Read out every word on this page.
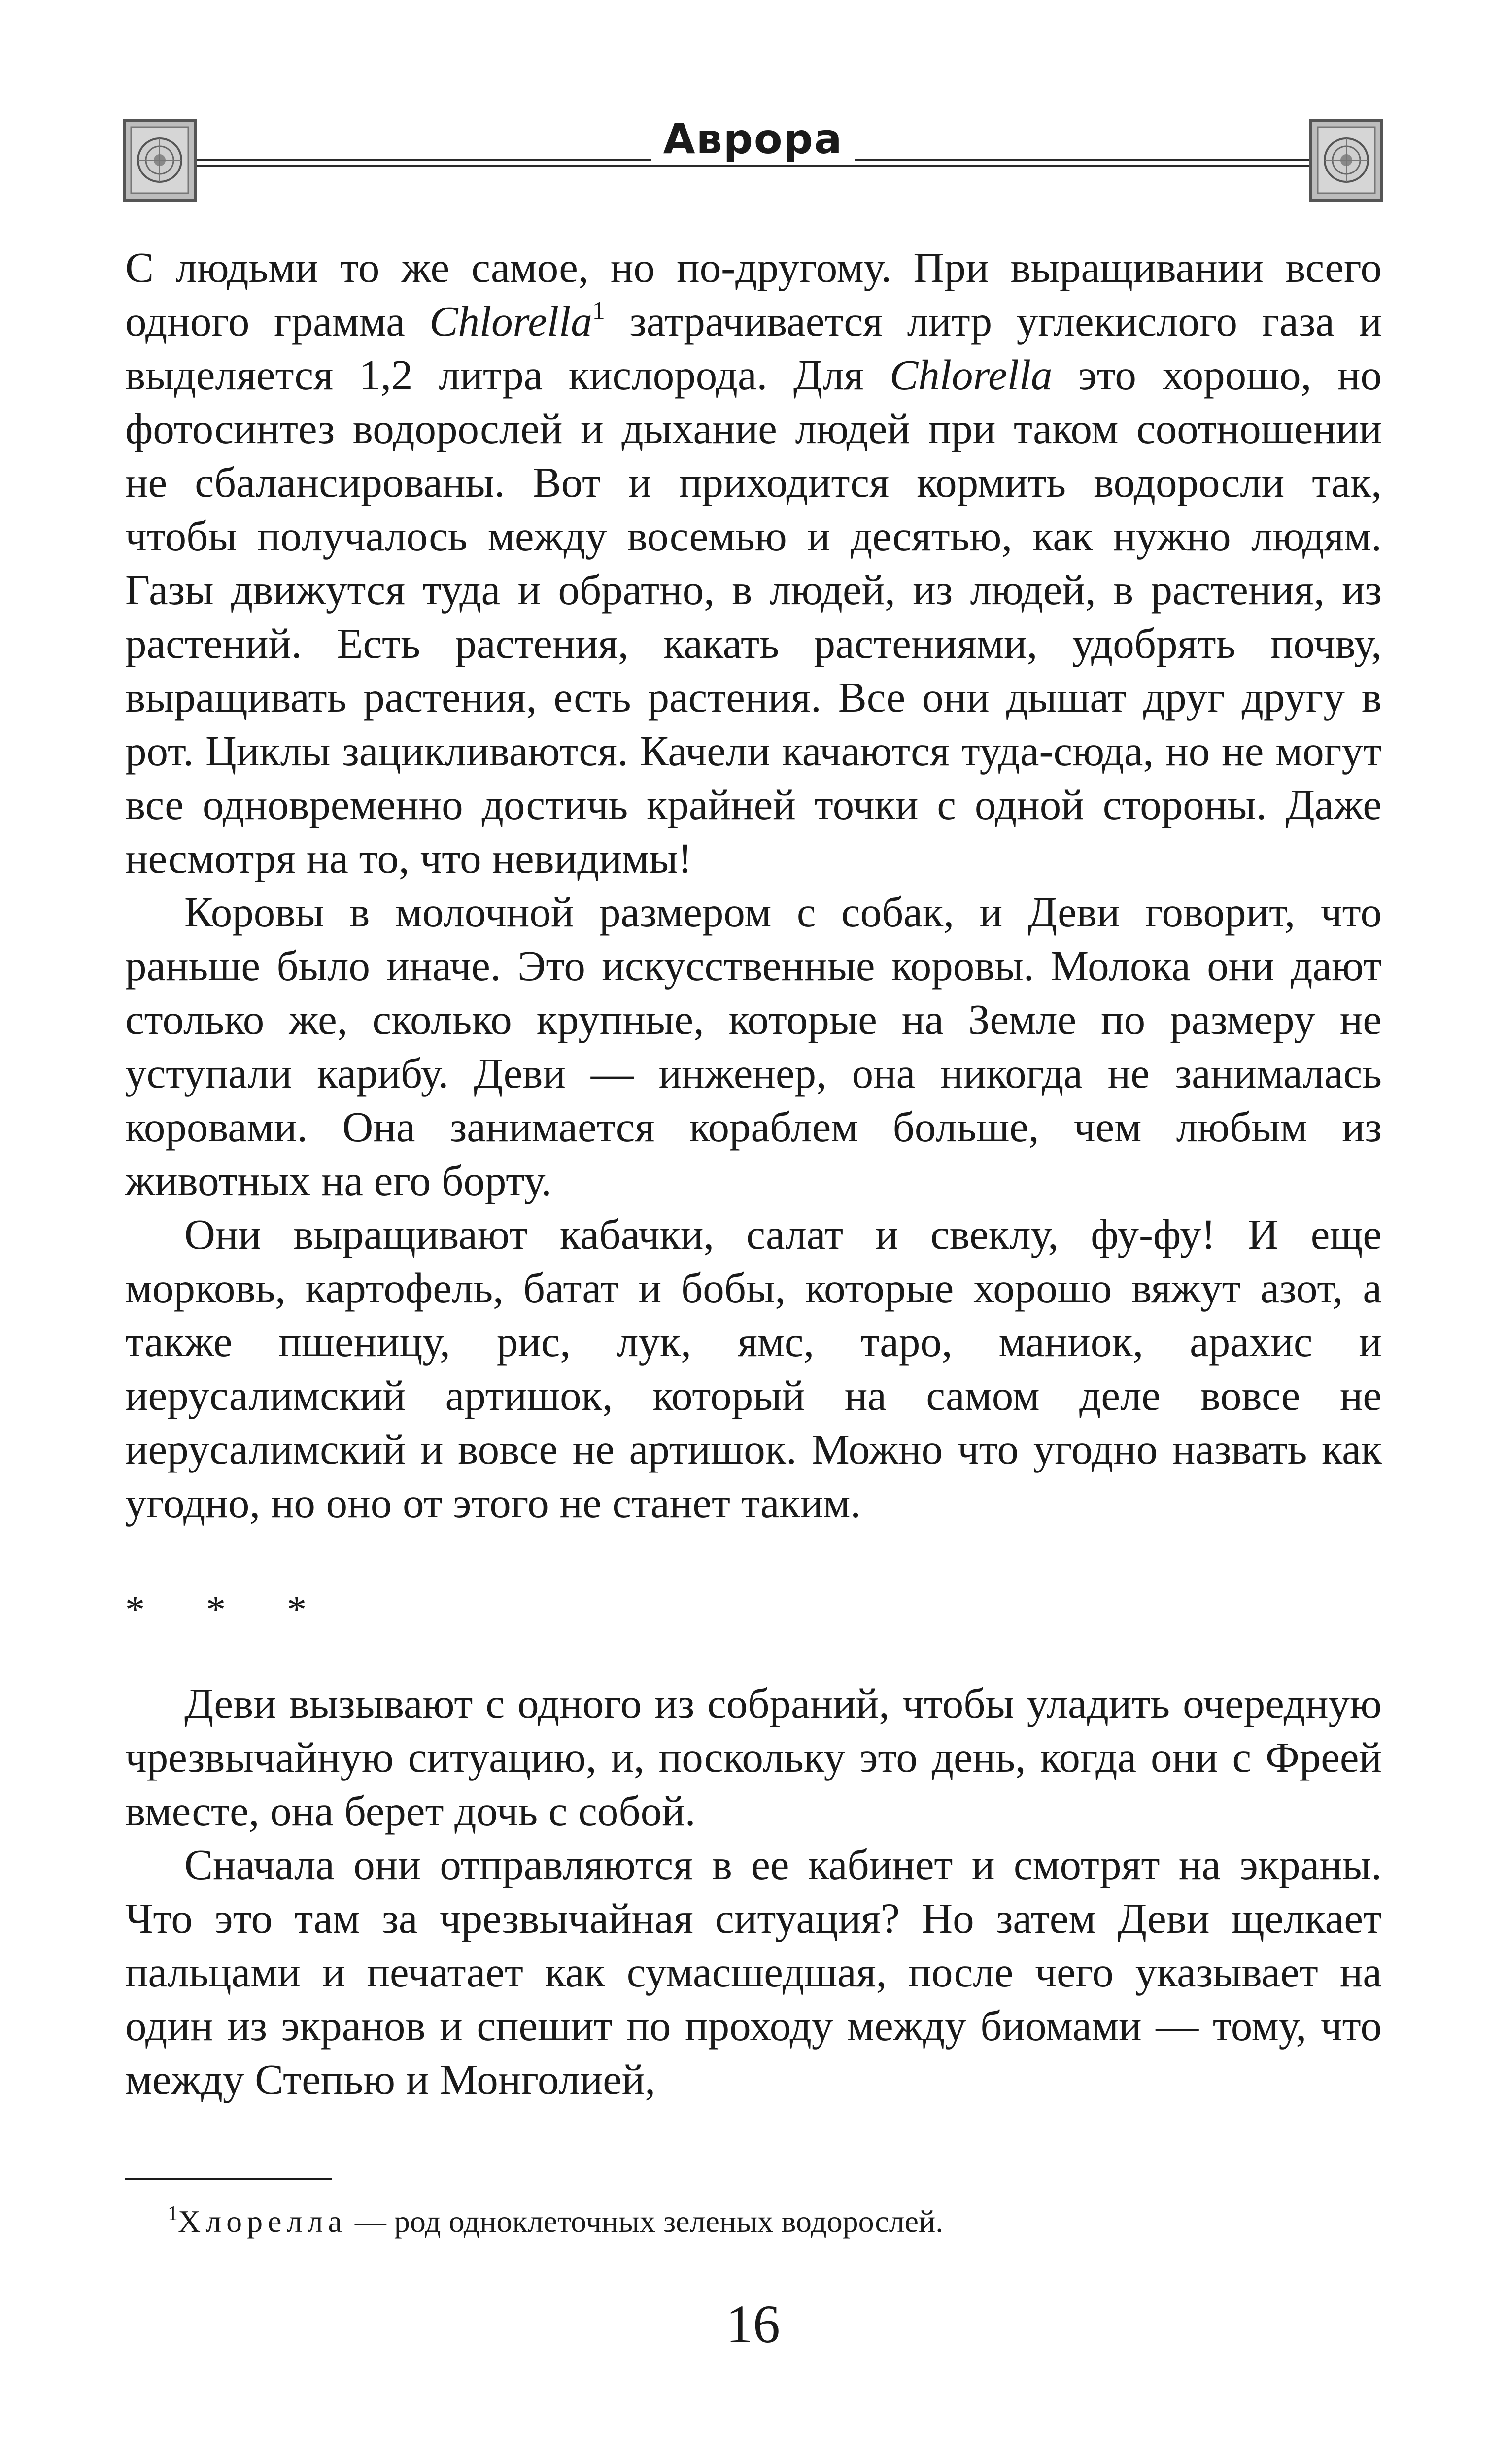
Аврора

С людьми то же самое, но по-другому. При выращивании всего одного грамма Chlorella$^1$ затрачивается литр углекислого газа и выделяется 1,2 литра кислорода. Для Chlorella это хорошо, но фотосинтез водорослей и дыхание людей при таком соотношении не сбалансированы. Вот и приходится кормить водоросли так, чтобы получалось между восемью и десятью, как нужно людям. Газы движутся туда и обратно, в людей, из людей, в растения, из растений. Есть растения, какать растениями, удобрять почву, выращивать растения, есть растения. Все они дышат друг другу в рот. Циклы зацикливаются. Качели качаются туда-сюда, но не могут все одновременно достичь крайней точки с одной стороны. Даже несмотря на то, что невидимы!

Коровы в молочной размером с собак, и Деви говорит, что раньше было иначе. Это искусственные коровы. Молока они дают столько же, сколько крупные, которые на Земле по размеру не уступали карибу. Деви — инженер, она никогда не занималась коровами. Она занимается кораблем больше, чем любым из животных на его борту.

Они выращивают кабачки, салат и свеклу, фу-фу! И еще морковь, картофель, батат и бобы, которые хорошо вяжут азот, а также пшеницу, рис, лук, ямс, таро, маниок, арахис и иерусалимский артишок, который на самом деле вовсе не иерусалимский и вовсе не артишок. Можно что угодно назвать как угодно, но оно от этого не станет таким.

* * *

Деви вызывают с одного из собраний, чтобы уладить очередную чрезвычайную ситуацию, и, поскольку это день, когда они с Фреей вместе, она берет дочь с собой.

Сначала они отправляются в ее кабинет и смотрят на экраны. Что это там за чрезвычайная ситуация? Но затем Деви щелкает пальцами и печатает как сумасшедшая, после чего указывает на один из экранов и спешит по проходу между биомами — тому, что между Степью и Монголией,

$^1$Хлорелла — род одноклеточных зеленых водорослей.
16
